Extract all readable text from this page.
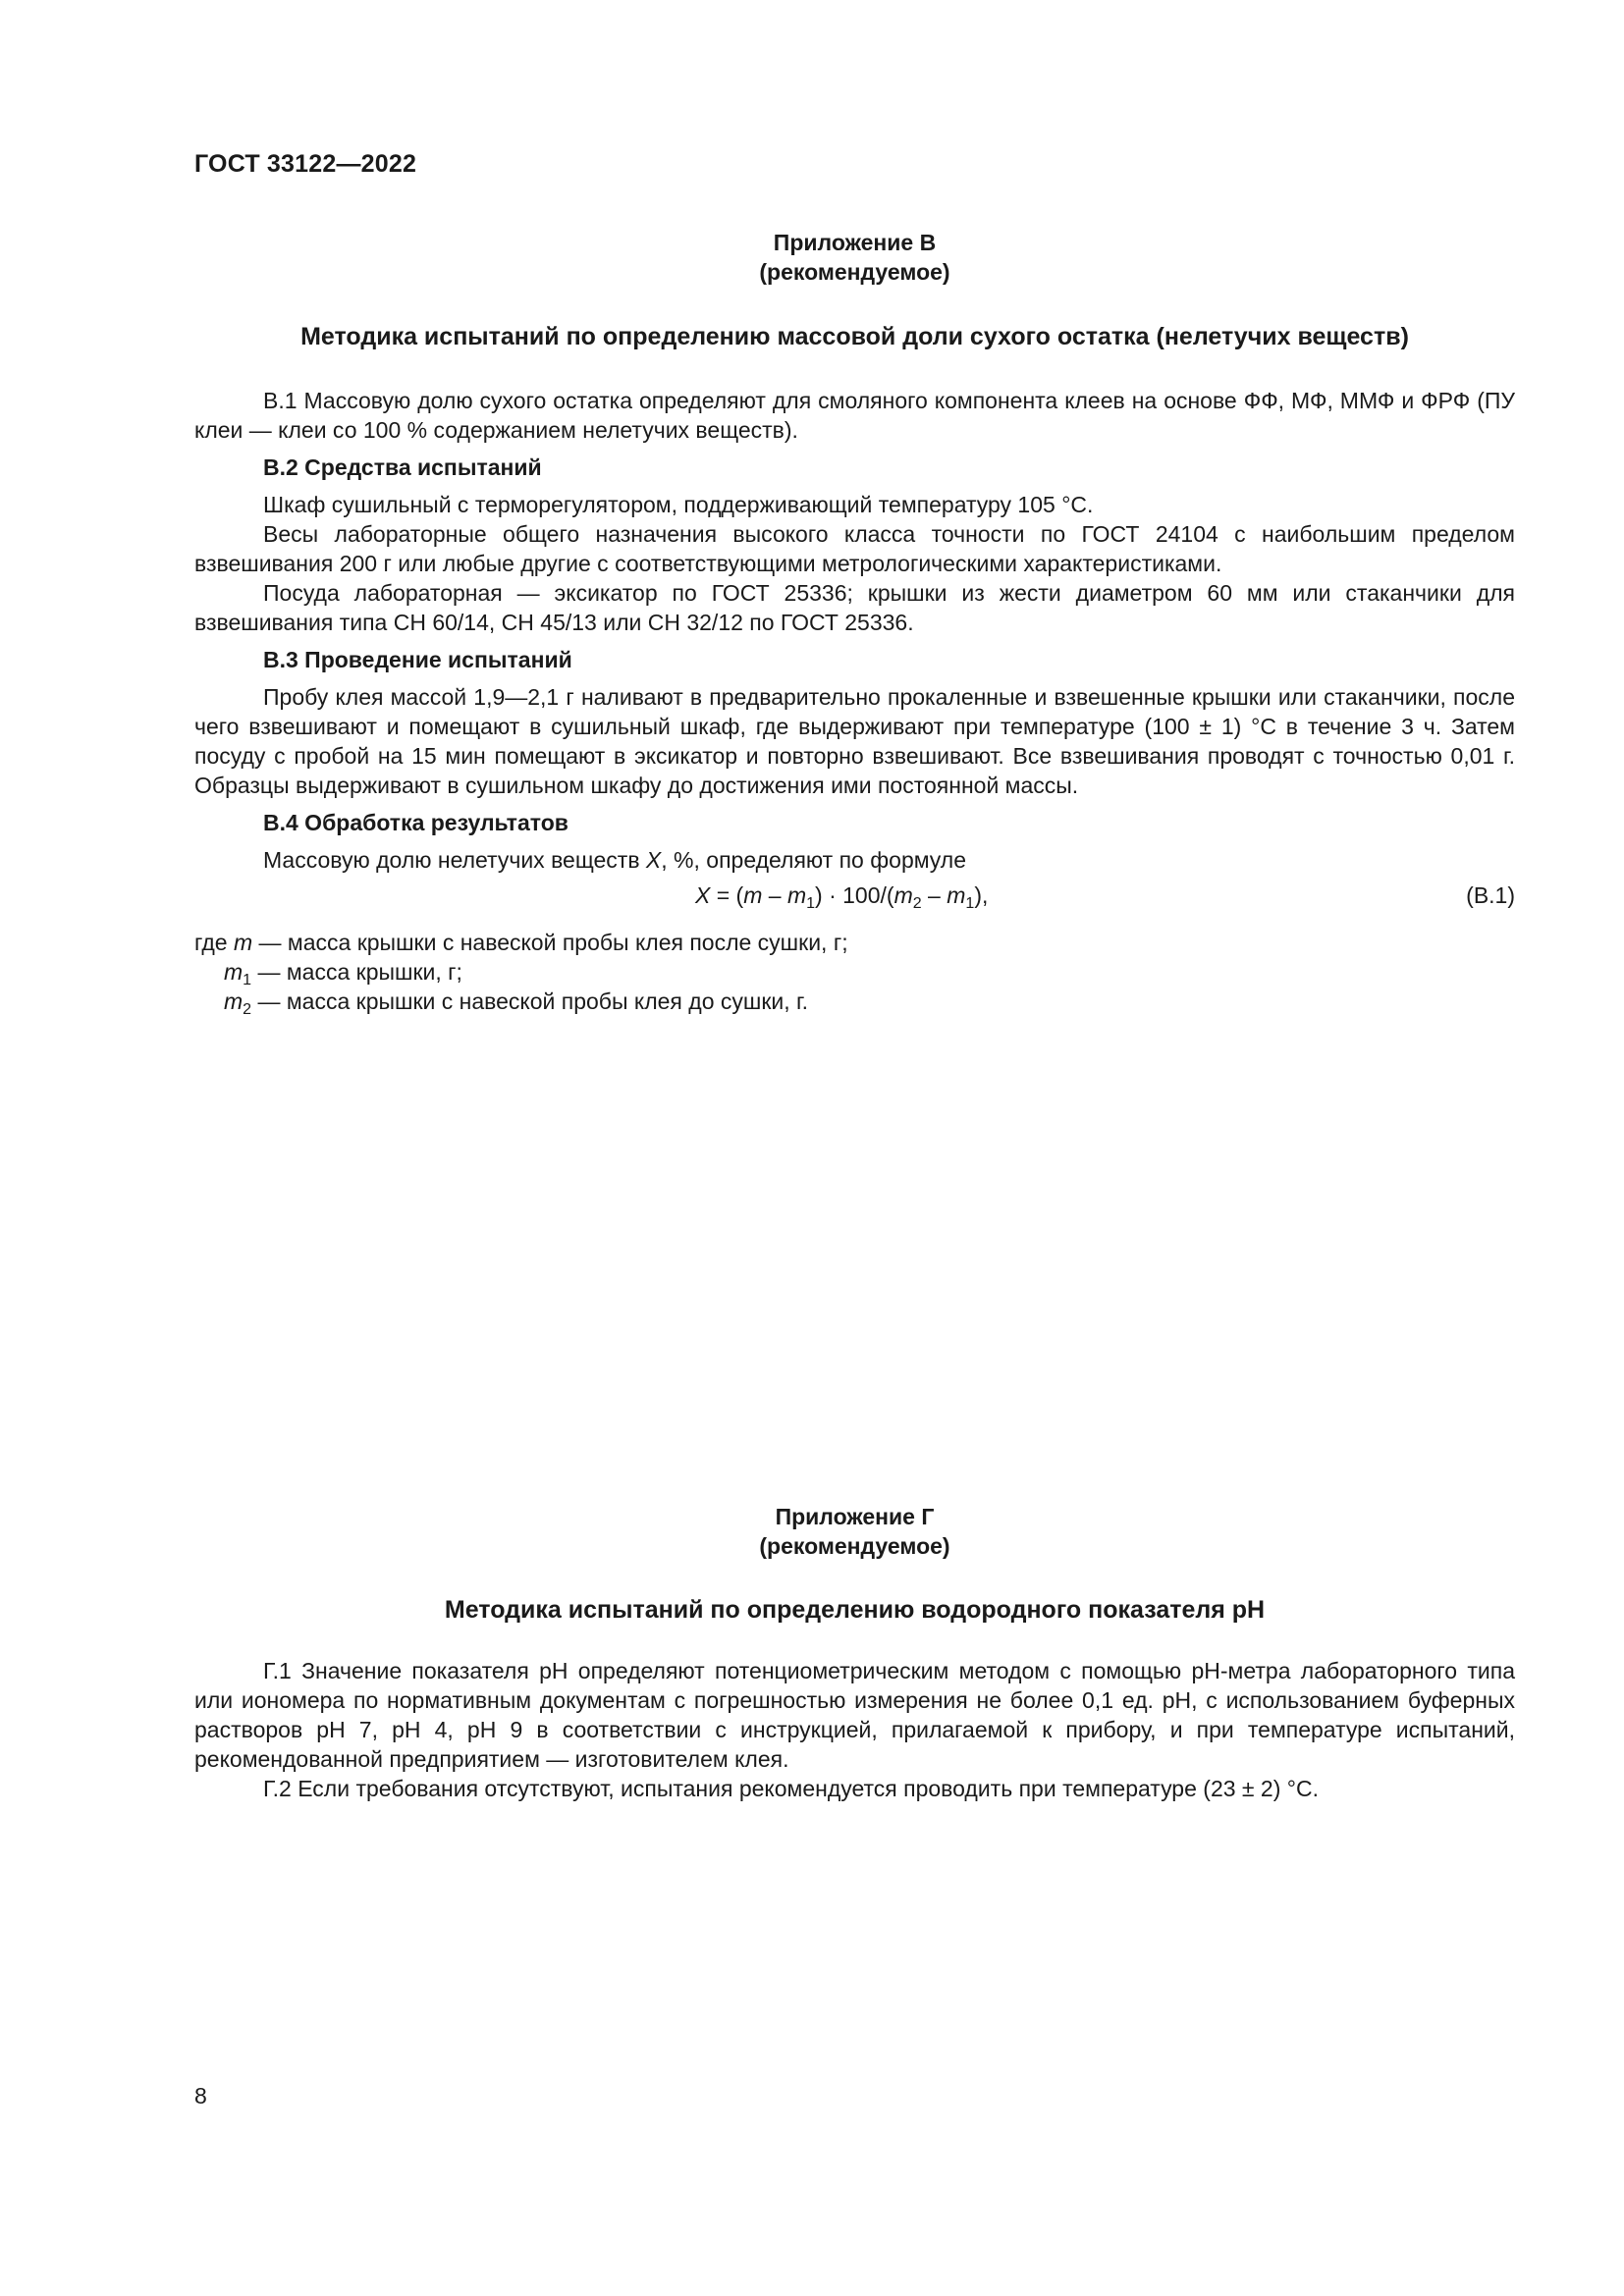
ГОСТ 33122—2022
Приложение В
(рекомендуемое)
Методика испытаний по определению массовой доли сухого остатка (нелетучих веществ)

В.1 Массовую долю сухого остатка определяют для смоляного компонента клеев на основе ФФ, МФ, ММФ и ФРФ (ПУ клеи — клеи со 100 % содержанием нелетучих веществ).

В.2 Средства испытаний

Шкаф сушильный с терморегулятором, поддерживающий температуру 105 °С.

Весы лабораторные общего назначения высокого класса точности по ГОСТ 24104 с наибольшим пределом взвешивания 200 г или любые другие с соответствующими метрологическими характеристиками.

Посуда лабораторная — эксикатор по ГОСТ 25336; крышки из жести диаметром 60 мм или стаканчики для взвешивания типа СН 60/14, СН 45/13 или СН 32/12 по ГОСТ 25336.

В.3 Проведение испытаний

Пробу клея массой 1,9—2,1 г наливают в предварительно прокаленные и взвешенные крышки или стаканчики, после чего взвешивают и помещают в сушильный шкаф, где выдерживают при температуре (100 ± 1) °С в течение 3 ч. Затем посуду с пробой на 15 мин помещают в эксикатор и повторно взвешивают. Все взвешивания проводят с точностью 0,01 г. Образцы выдерживают в сушильном шкафу до достижения ими постоянной массы.

В.4 Обработка результатов

Массовую долю нелетучих веществ X, %, определяют по формуле

$X = (m - m_1) \cdot 100/(m_2 - m_1)$,	(В.1)

где m — масса крышки с навеской пробы клея после сушки, г;

$m_1$ — масса крышки, г;

$m_2$ — масса крышки с навеской пробы клея до сушки, г.

Приложение Г
(рекомендуемое)
Методика испытаний по определению водородного показателя рН

Г.1 Значение показателя рН определяют потенциометрическим методом с помощью рН-метра лабораторного типа или иономера по нормативным документам с погрешностью измерения не более 0,1 ед. рН, с использованием буферных растворов рН 7, рН 4, рН 9 в соответствии с инструкцией, прилагаемой к прибору, и при температуре испытаний, рекомендованной предприятием — изготовителем клея.

Г.2 Если требования отсутствуют, испытания рекомендуется проводить при температуре (23 ± 2) °С.

8
